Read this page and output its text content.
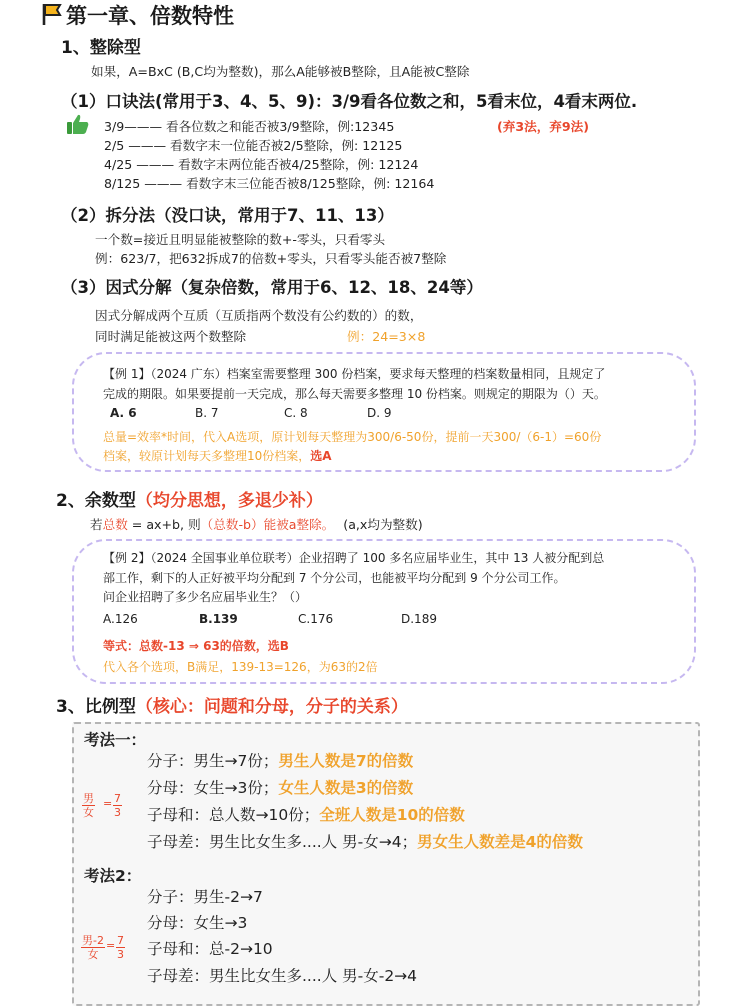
第一章、倍数特性
1、整除型
如果，A=BxC (B,C均为整数)，那么A能够被B整除，且A能被C整除
（1）口诀法(常用于3、4、5、9)：3/9看各位数之和，5看末位，4看末两位.
3/9——— 看各位数之和能否被3/9整除，例:12345	(弃3法，弃9法)
2/5 ——— 看数字末一位能否被2/5整除，例: 12125
4/25 ——— 看数字末两位能否被4/25整除，例: 12124
8/125 ——— 看数字末三位能否被8/125整除，例: 12164
（2）拆分法（没口诀，常用于7、11、13）
一个数=接近且明显能被整除的数+-零头，只看零头
例：623/7，把632拆成7的倍数+零头，只看零头能否被7整除
（3）因式分解（复杂倍数，常用于6、12、18、24等）
因式分解成两个互质（互质指两个数没有公约数的）的数，
同时满足能被这两个数整除	例：24=3×8
【例 1】（2024 广东）档案室需要整理 300 份档案，要求每天整理的档案数量相同，且规定了
完成的期限。如果要提前一天完成，那么每天需要多整理 10 份档案。则规定的期限为（）天。
A. 6	B. 7	C. 8	D. 9
总量=效率*时间，代入A选项，原计划每天整理为300/6-50份，提前一天300/（6-1）=60份
档案，较原计划每天多整理10份档案，选A
2、余数型（均分思想，多退少补）
若总数 = ax+b, 则（总数-b）能被a整除。 (a,x均为整数)
【例 2】（2024 全国事业单位联考）企业招聘了 100 多名应届毕业生，其中 13 人被分配到总
部工作，剩下的人正好被平均分配到 7 个分公司，也能被平均分配到 9 个分公司工作。
问企业招聘了多少名应届毕业生？（）
A.126	B.139	C.176	D.189
等式：总数-13 ⇒ 63的倍数，选B
代入各个选项，B满足，139-13=126，为63的2倍
3、比例型（核心：问题和分母，分子的关系）
考法一：
分子：男生→7份；男生人数是7的倍数
分母：女生→3份；女生人数是3的倍数
男
女
= $\frac{7}{3}$ 子母和：总人数→10份；全班人数是10的倍数
子母差：男生比女生多....人 男-女→4；男女生人数差是4的倍数
考法2：
分子：男生-2→7
分母：女生→3
男-2
女
= $\frac{7}{3}$ 子母和：总-2→10
子母差：男生比女生多....人 男-女-2→4
